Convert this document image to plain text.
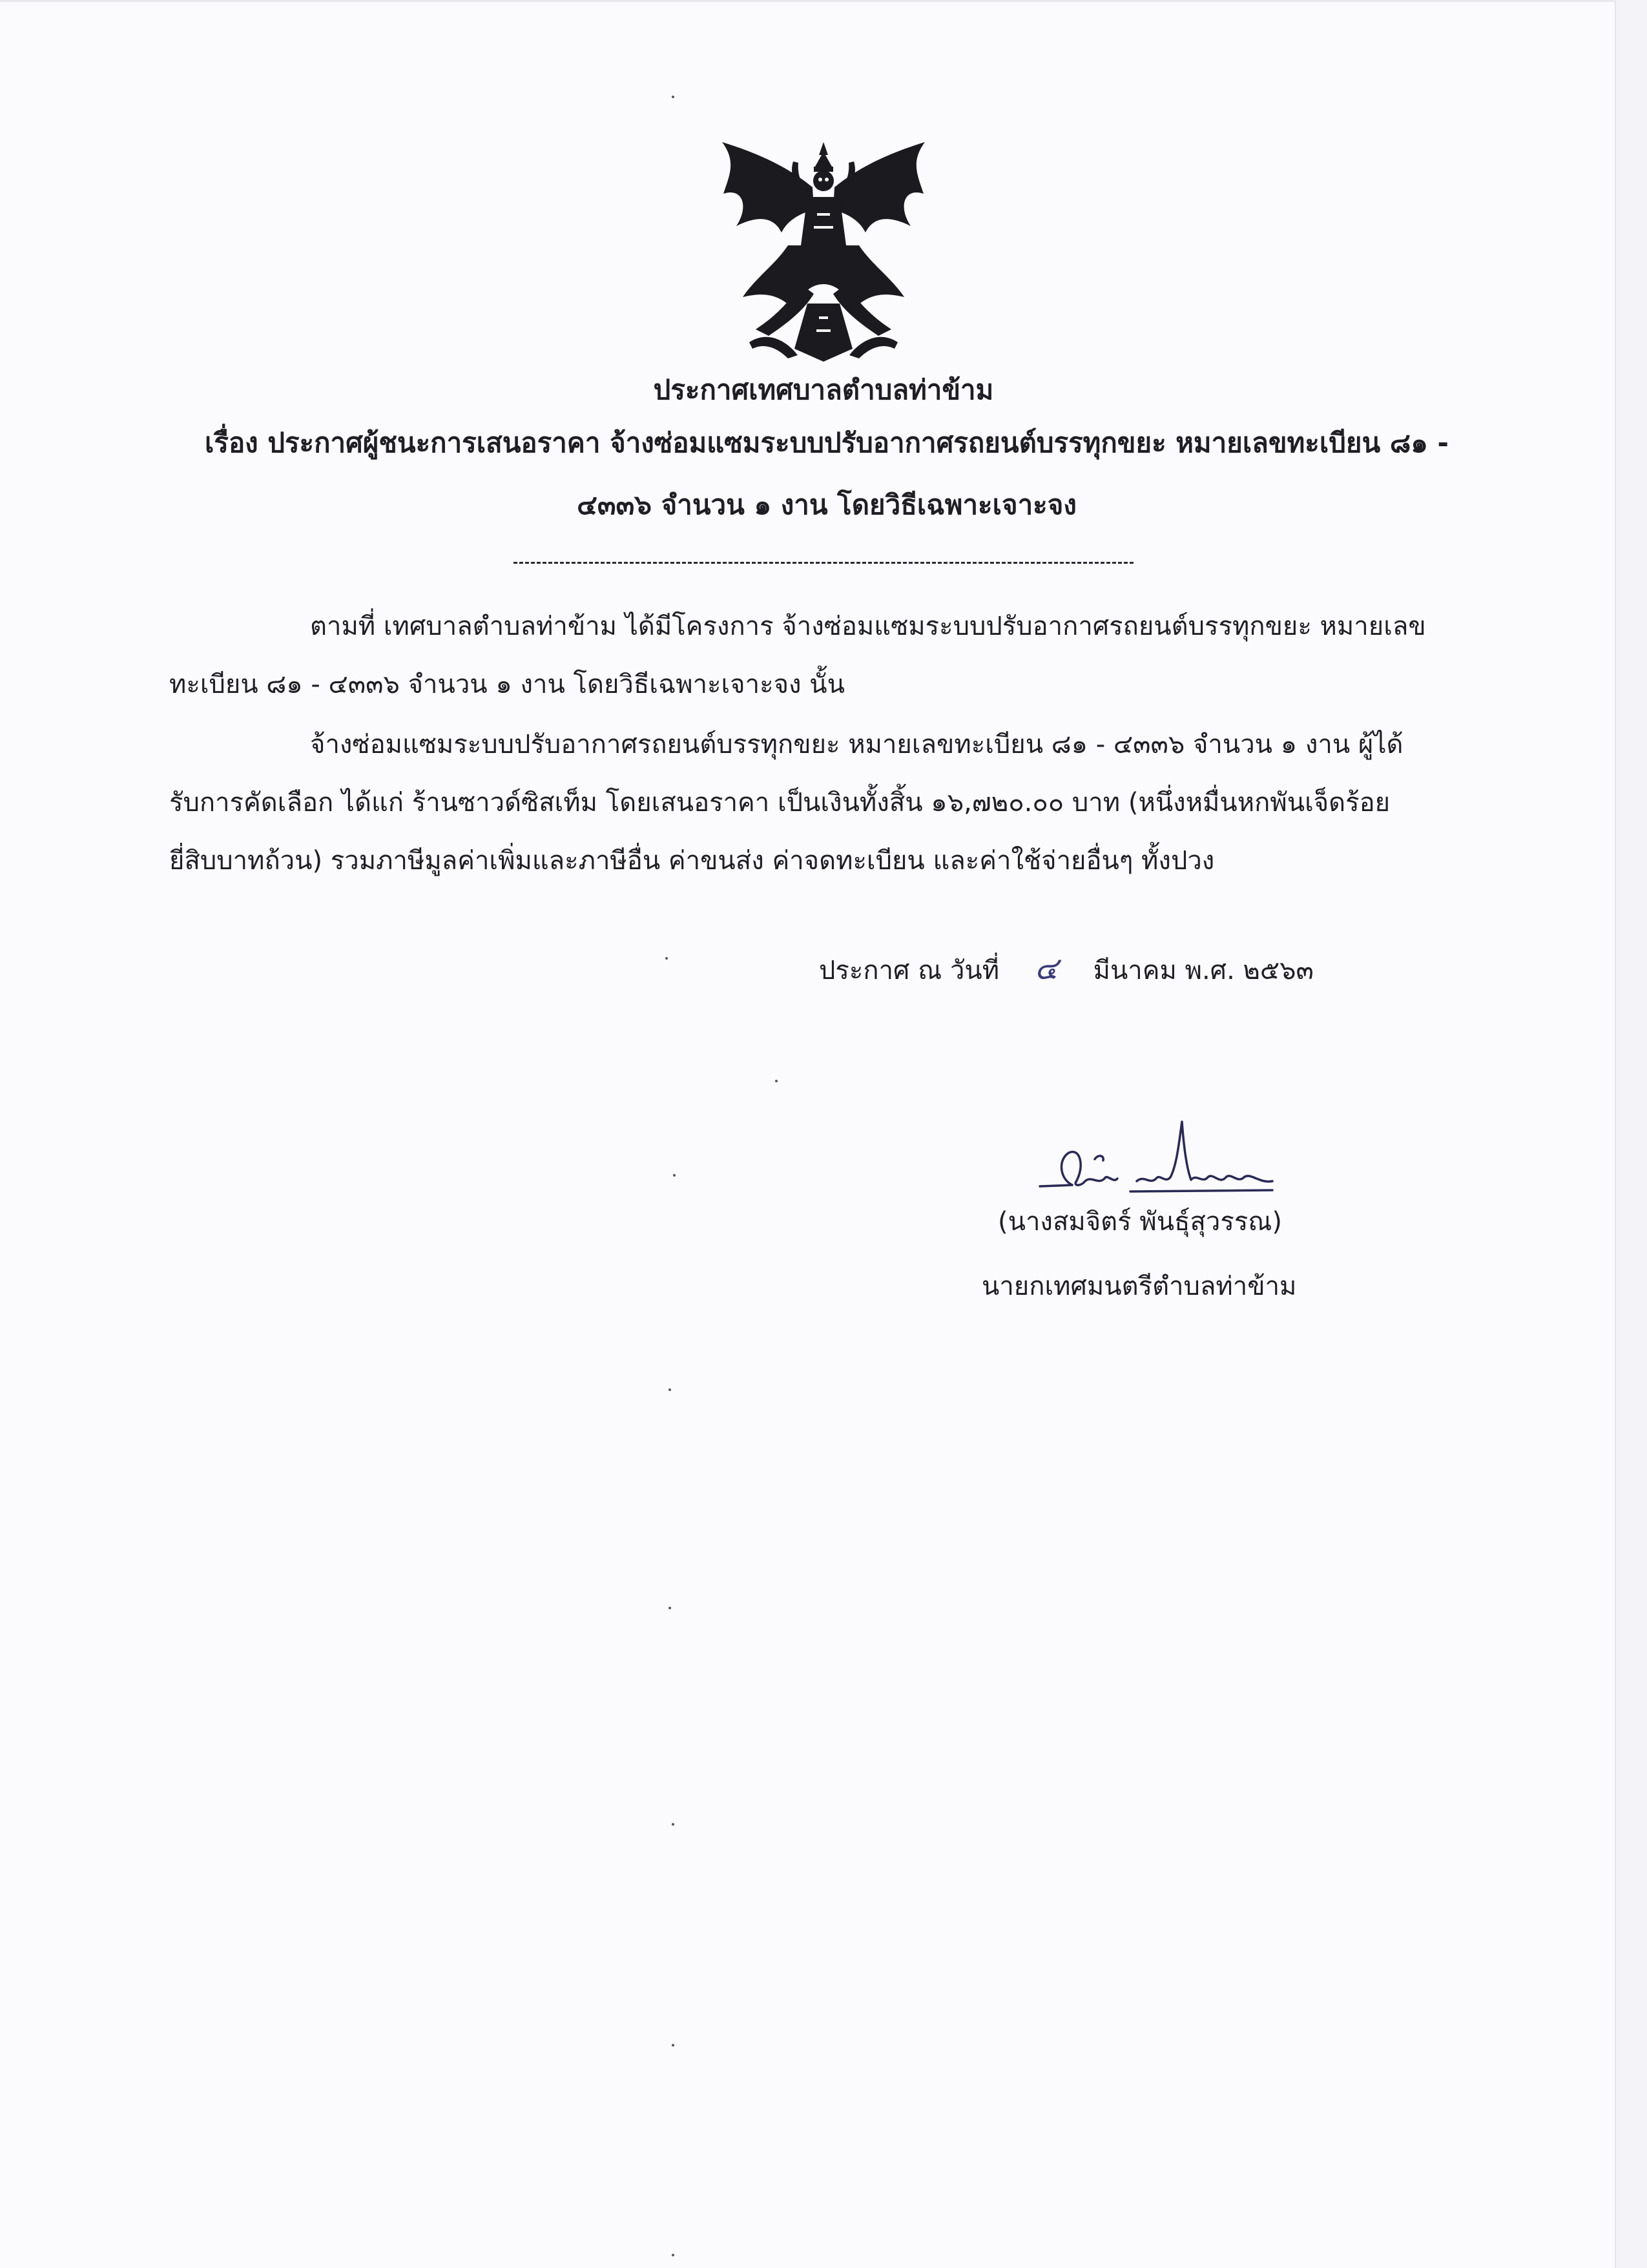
ประกาศเทศบาลตำบลท่าข้าม
เรื่อง ประกาศผู้ชนะการเสนอราคา จ้างซ่อมแซมระบบปรับอากาศรถยนต์บรรทุกขยะ หมายเลขทะเบียน ๘๑ -
๔๓๓๖ จำนวน ๑ งาน โดยวิธีเฉพาะเจาะจง
ตามที่ เทศบาลตำบลท่าข้าม ได้มีโครงการ จ้างซ่อมแซมระบบปรับอากาศรถยนต์บรรทุกขยะ หมายเลข
ทะเบียน ๘๑ - ๔๓๓๖ จำนวน ๑ งาน โดยวิธีเฉพาะเจาะจง นั้น
จ้างซ่อมแซมระบบปรับอากาศรถยนต์บรรทุกขยะ หมายเลขทะเบียน ๘๑ - ๔๓๓๖ จำนวน ๑ งาน ผู้ได้
รับการคัดเลือก ได้แก่ ร้านซาวด์ซิสเท็ม โดยเสนอราคา เป็นเงินทั้งสิ้น ๑๖,๗๒๐.๐๐ บาท (หนึ่งหมื่นหกพันเจ็ดร้อย
ยี่สิบบาทถ้วน) รวมภาษีมูลค่าเพิ่มและภาษีอื่น ค่าขนส่ง ค่าจดทะเบียน และค่าใช้จ่ายอื่นๆ ทั้งปวง
ประกาศ ณ วันที่ ๔ มีนาคม พ.ศ. ๒๕๖๓
(นางสมจิตร์ พันธุ์สุวรรณ)
นายกเทศมนตรีตำบลท่าข้าม
